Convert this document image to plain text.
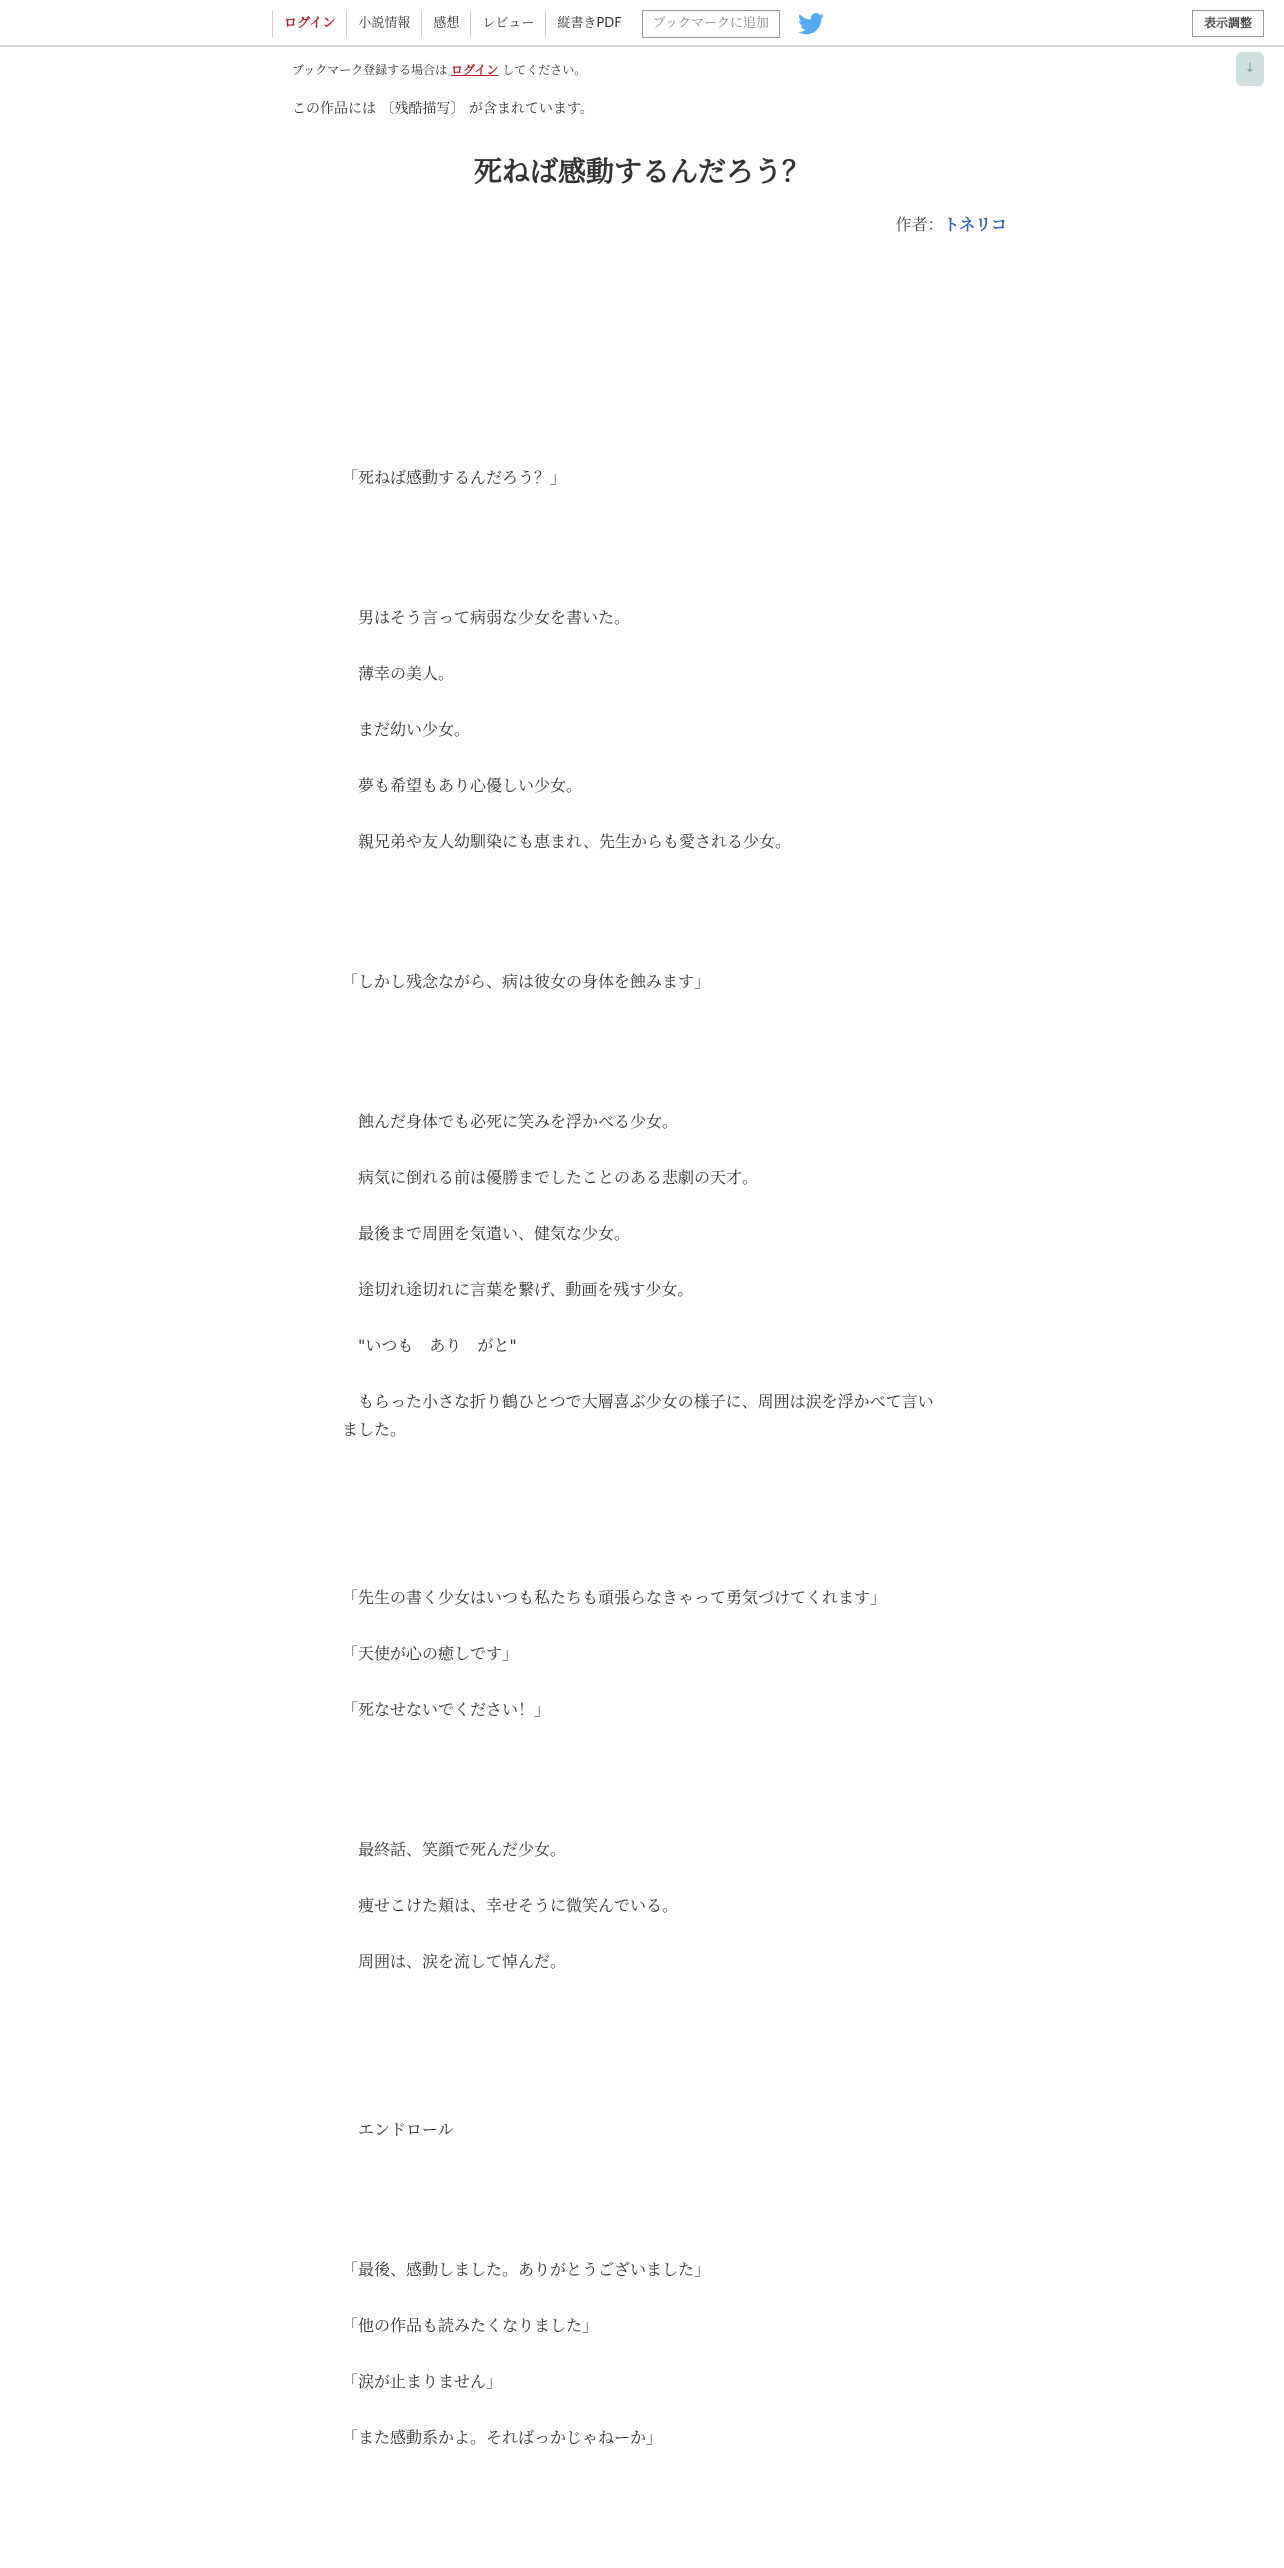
ログイン	小説情報	感想	レビュー	縦書きPDF	ブックマークに追加	表示調整
↓
ブックマーク登録する場合は ログイン してください。
この作品には 〔残酷描写〕 が含まれています。
死ねば感動するんだろう？
作者：トネリコ
「死ねば感動するんだろう？」
　男はそう言って病弱な少女を書いた。
　薄幸の美人。
　まだ幼い少女。
　夢も希望もあり心優しい少女。
　親兄弟や友人幼馴染にも恵まれ、先生からも愛される少女。
「しかし残念ながら、病は彼女の身体を蝕みます」
　蝕んだ身体でも必死に笑みを浮かべる少女。
　病気に倒れる前は優勝までしたことのある悲劇の天才。
　最後まで周囲を気遣い、健気な少女。
　途切れ途切れに言葉を繋げ、動画を残す少女。
　"いつも　あり　がと"
　もらった小さな折り鶴ひとつで大層喜ぶ少女の様子に、周囲は涙を浮かべて言いました。
「先生の書く少女はいつも私たちも頑張らなきゃって勇気づけてくれます」
「天使が心の癒しです」
「死なせないでください！」
　最終話、笑顔で死んだ少女。
　痩せこけた頬は、幸せそうに微笑んでいる。
　周囲は、涙を流して悼んだ。
　エンドロール
「最後、感動しました。ありがとうございました」
「他の作品も読みたくなりました」
「涙が止まりません」
「また感動系かよ。そればっかじゃねーか」
